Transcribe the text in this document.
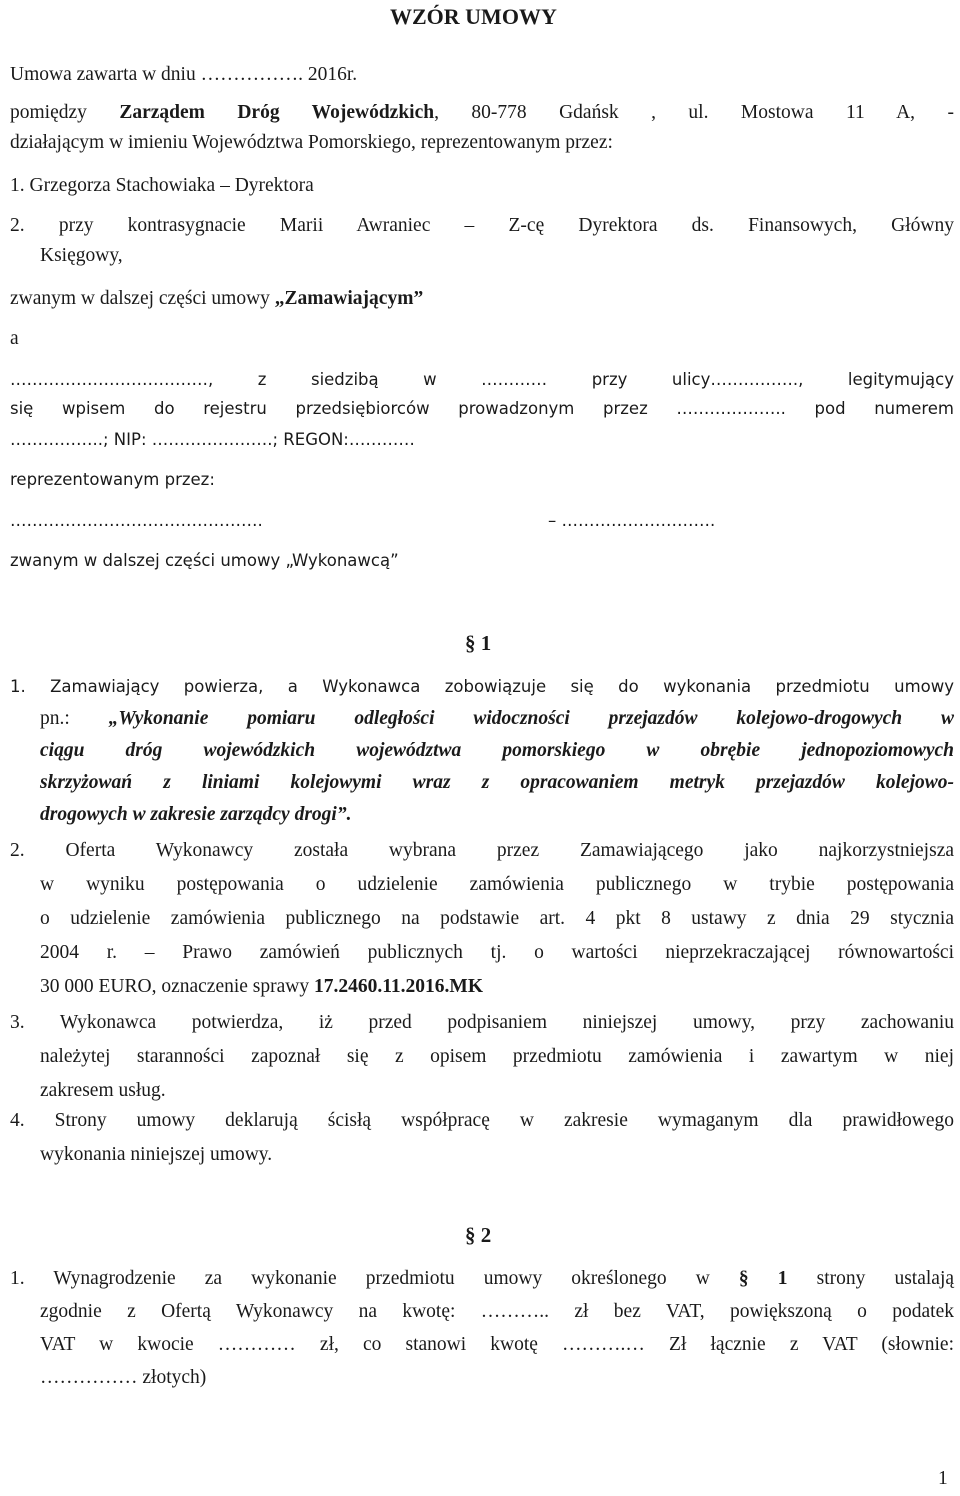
WZÓR UMOWY
Umowa zawarta w dniu ……………. 2016r.
pomiędzy Zarządem Dróg Wojewódzkich, 80-778 Gdańsk , ul. Mostowa 11 A, -
działającym w imieniu Województwa Pomorskiego, reprezentowanym przez:
1. Grzegorza Stachowiaka – Dyrektora
2. przy kontrasygnacie Marii Awraniec – Z-cę Dyrektora ds. Finansowych, Główny
Księgowy,
zwanym w dalszej części umowy „Zamawiającym”
a
………………………………, z siedzibą w ………… przy ulicy……………., legitymujący
się wpisem do rejestru przedsiębiorców prowadzonym przez ……………….. pod numerem
……………..; NIP: ………………….; REGON:…………
reprezentowanym przez:
……………………………………….	– ……………………….
zwanym w dalszej części umowy „Wykonawcą”
§ 1
1. Zamawiający powierza, a Wykonawca zobowiązuje się do wykonania przedmiotu umowy
pn.: „Wykonanie pomiaru odległości widoczności przejazdów kolejowo-drogowych w
ciągu dróg wojewódzkich województwa pomorskiego w obrębie jednopoziomowych
skrzyżowań z liniami kolejowymi wraz z opracowaniem metryk przejazdów kolejowo-
drogowych w zakresie zarządcy drogi”.
2. Oferta Wykonawcy została wybrana przez Zamawiającego jako najkorzystniejsza
w wyniku postępowania o udzielenie zamówienia publicznego w trybie postępowania
o udzielenie zamówienia publicznego na podstawie art. 4 pkt 8 ustawy z dnia 29 stycznia
2004 r. – Prawo zamówień publicznych tj. o wartości nieprzekraczającej równowartości
30 000 EURO, oznaczenie sprawy 17.2460.11.2016.MK
3. Wykonawca potwierdza, iż przed podpisaniem niniejszej umowy, przy zachowaniu
należytej staranności zapoznał się z opisem przedmiotu zamówienia i zawartym w niej
zakresem usług.
4. Strony umowy deklarują ścisłą współpracę w zakresie wymaganym dla prawidłowego
wykonania niniejszej umowy.
§ 2
1. Wynagrodzenie za wykonanie przedmiotu umowy określonego w § 1 strony ustalają
zgodnie z Ofertą Wykonawcy na kwotę: ……….. zł bez VAT, powiększoną o podatek
VAT w kwocie ………… zł, co stanowi kwotę ……….… Zł łącznie z VAT (słownie:
…………… złotych)
1
